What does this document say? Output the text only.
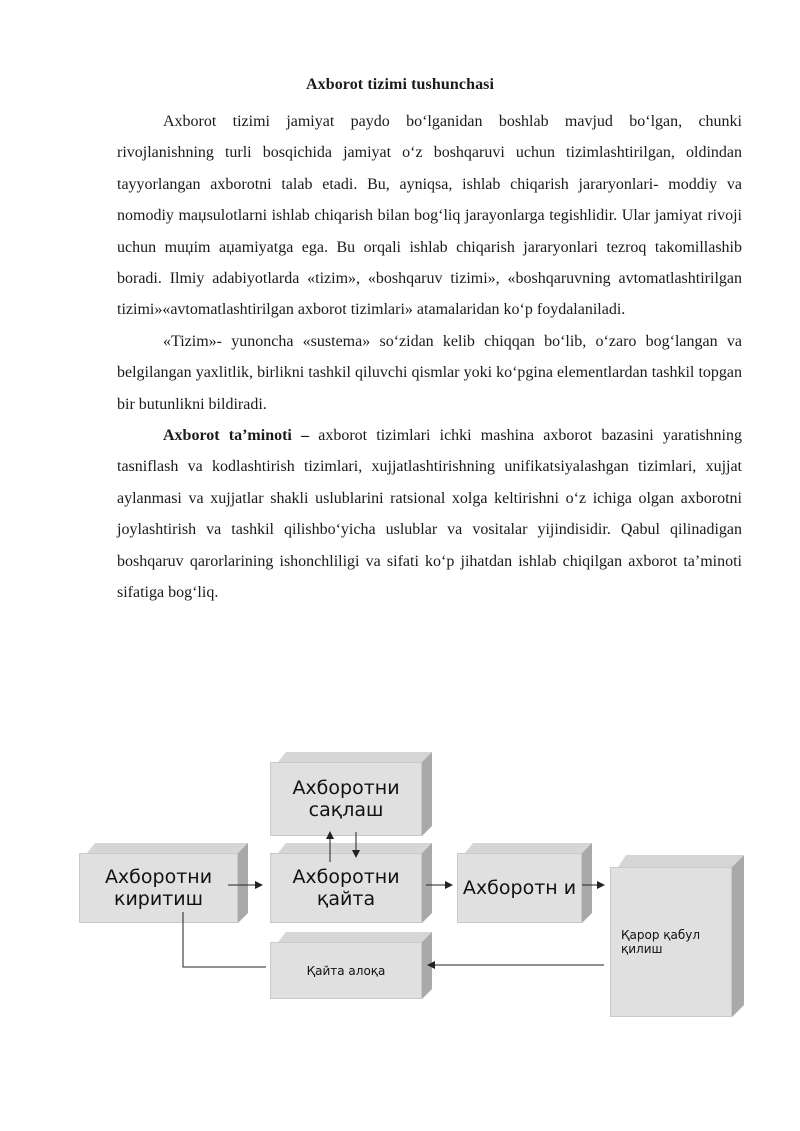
Axborot tizimi tushunchasi

Axborot tizimi jamiyat paydo bo‘lganidan boshlab mavjud bo‘lgan, chunki rivojlanishning turli bosqichida jamiyat o‘z boshqaruvi uchun tizimlashtirilgan, oldindan tayyorlangan axborotni talab etadi. Bu, ayniqsa, ishlab chiqarish jararyonlari- moddiy va nomodiy maџsulotlarni ishlab chiqarish bilan bog‘liq jarayonlarga tegishlidir. Ular jamiyat rivoji uchun muџim aџamiyatga ega. Bu orqali ishlab chiqarish jararyonlari tezroq takomillashib boradi. Ilmiy adabiyotlarda «tizim», «boshqaruv tizimi», «boshqaruvning avtomatlashtirilgan tizimi»«avtomatlashtirilgan axborot tizimlari» atamalaridan ko‘p foydalaniladi.

«Tizim»- yunoncha «sustema» so‘zidan kelib chiqqan bo‘lib, o‘zaro bog‘langan va belgilangan yaxlitlik, birlikni tashkil qiluvchi qismlar yoki ko‘pgina elementlardan tashkil topgan bir butunlikni bildiradi.

Axborot ta’minoti – axborot tizimlari ichki mashina axborot bazasini yaratishning tasniflash va kodlashtirish tizimlari, xujjatlashtirishning unifikatsiyalashgan tizimlari, xujjat aylanmasi va xujjatlar shakli uslublarini ratsional xolga keltirishni o‘z ichiga olgan axborotni joylashtirish va tashkil qilishbo‘yicha uslublar va vositalar yijindisidir. Qabul qilinadigan boshqaruv qarorlarining ishonchliligi va sifati ko‘p jihatdan ishlab chiqilgan axborot ta’minoti sifatiga bog‘liq.

Ахборотни сақлаш
Ахборотни киритиш
Ахборотни қайта	Ахборотн и
Қайта алоқа
Қарор қабул қилиш
